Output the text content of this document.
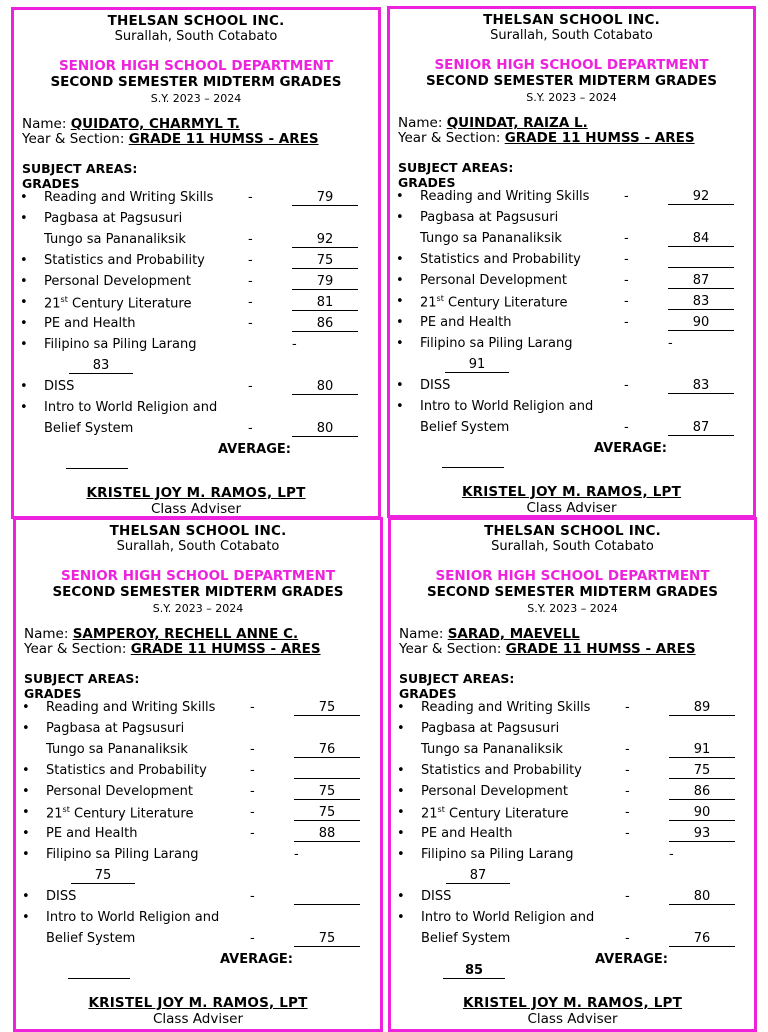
THELSAN SCHOOL INC.
Surallah, South Cotabato
SENIOR HIGH SCHOOL DEPARTMENT
SECOND SEMESTER MIDTERM GRADES
S.Y. 2023 – 2024
Name: QUIDATO, CHARMYL T.
Year & Section: GRADE 11 HUMSS - ARES
SUBJECT AREAS:
GRADES
• Reading and Writing Skills	-	79
• Pagbasa at Pagsusuri
Tungo sa Pananaliksik	-	92
• Statistics and Probability	-	75
• Personal Development	-	79
• 21st Century Literature	-	81
• PE and Health	-	86
• Filipino sa Piling Larang	-
83
• DISS	-	80
• Intro to World Religion and
Belief System	-	80
AVERAGE:
KRISTEL JOY M. RAMOS, LPT
Class Adviser
THELSAN SCHOOL INC.
Surallah, South Cotabato
SENIOR HIGH SCHOOL DEPARTMENT
SECOND SEMESTER MIDTERM GRADES
S.Y. 2023 – 2024
Name: QUINDAT, RAIZA L.
Year & Section: GRADE 11 HUMSS - ARES
SUBJECT AREAS:
GRADES
• Reading and Writing Skills	-	92
• Pagbasa at Pagsusuri
Tungo sa Pananaliksik	-	84
• Statistics and Probability	-
• Personal Development	-	87
• 21st Century Literature	-	83
• PE and Health	-	90
• Filipino sa Piling Larang	-
91
• DISS	-	83
• Intro to World Religion and
Belief System	-	87
AVERAGE:
KRISTEL JOY M. RAMOS, LPT
Class Adviser
THELSAN SCHOOL INC.
Surallah, South Cotabato
SENIOR HIGH SCHOOL DEPARTMENT
SECOND SEMESTER MIDTERM GRADES
S.Y. 2023 – 2024
Name: SAMPEROY, RECHELL ANNE C.
Year & Section: GRADE 11 HUMSS - ARES
SUBJECT AREAS:
GRADES
• Reading and Writing Skills	-	75
• Pagbasa at Pagsusuri
Tungo sa Pananaliksik	-	76
• Statistics and Probability	-
• Personal Development	-	75
• 21st Century Literature	-	75
• PE and Health	-	88
• Filipino sa Piling Larang	-
75
• DISS	-
• Intro to World Religion and
Belief System	-	75
AVERAGE:
KRISTEL JOY M. RAMOS, LPT
Class Adviser
THELSAN SCHOOL INC.
Surallah, South Cotabato
SENIOR HIGH SCHOOL DEPARTMENT
SECOND SEMESTER MIDTERM GRADES
S.Y. 2023 – 2024
Name: SARAD, MAEVELL
Year & Section: GRADE 11 HUMSS - ARES
SUBJECT AREAS:
GRADES
• Reading and Writing Skills	-	89
• Pagbasa at Pagsusuri
Tungo sa Pananaliksik	-	91
• Statistics and Probability	-	75
• Personal Development	-	86
• 21st Century Literature	-	90
• PE and Health	-	93
• Filipino sa Piling Larang	-
87
• DISS	-	80
• Intro to World Religion and
Belief System	-	76
AVERAGE:
85
KRISTEL JOY M. RAMOS, LPT
Class Adviser
